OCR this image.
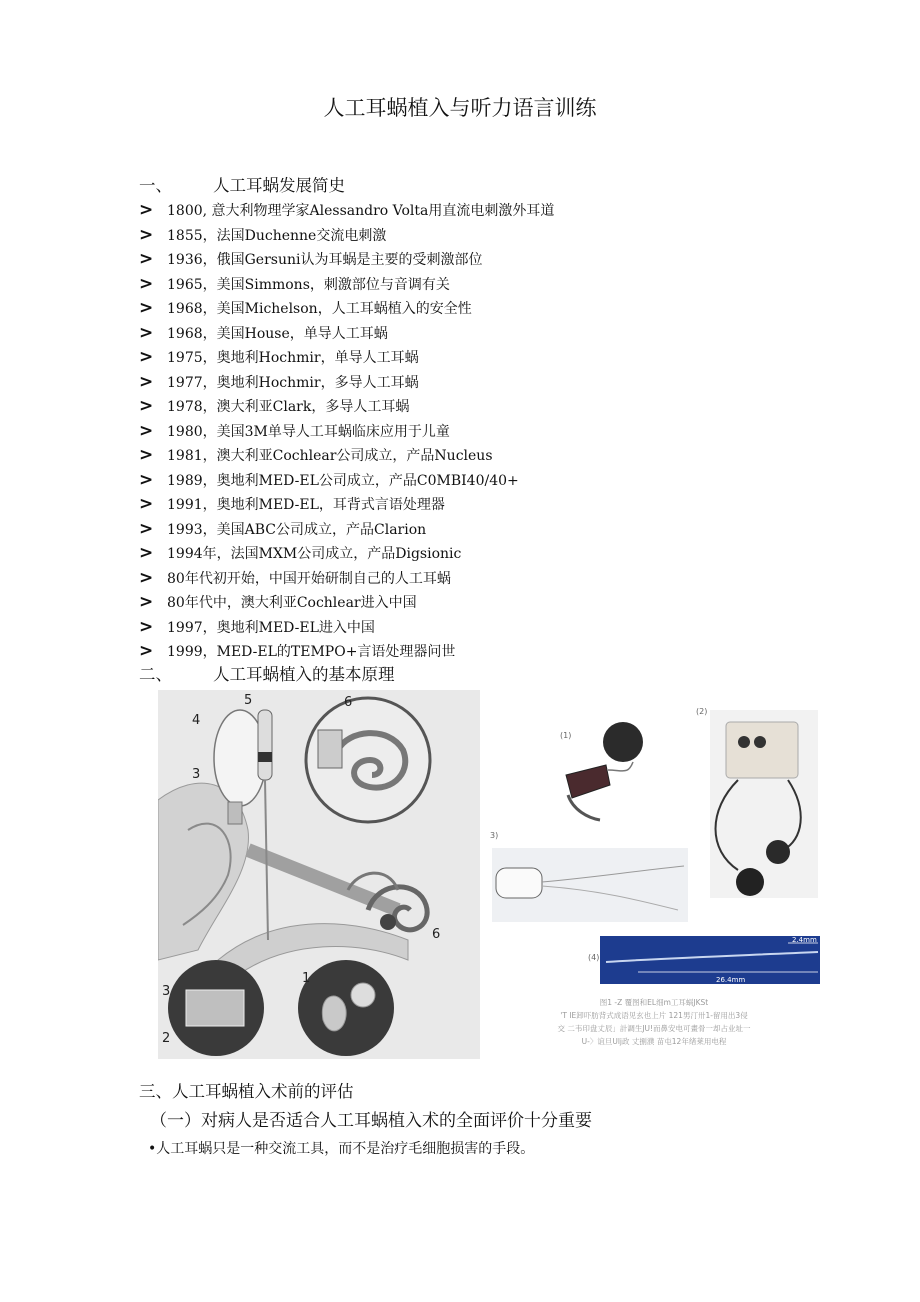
人工耳蜗植入与听力语言训练
一、 人工耳蜗发展简史
> 1800, 意大利物理学家Alessandro Volta用直流电刺激外耳道
> 1855，法国Duchenne交流电刺激
> 1936，俄国Gersuni认为耳蜗是主要的受刺激部位
> 1965，美国Simmons，刺激部位与音调有关
> 1968，美国Michelson，人工耳蜗植入的安全性
> 1968，美国House，单导人工耳蜗
> 1975，奥地利Hochmir，单导人工耳蜗
> 1977，奥地利Hochmir，多导人工耳蜗
> 1978，澳大利亚Clark，多导人工耳蜗
> 1980，美国3M单导人工耳蜗临床应用于儿童
> 1981，澳大利亚Cochlear公司成立，产品Nucleus
> 1989，奥地利MED-EL公司成立，产品C0MBI40/40+
> 1991，奥地利MED-EL，耳背式言语处理器
> 1993，美国ABC公司成立，产品Clarion
> 1994年，法国MXM公司成立，产品Digsionic
> 80年代初开始，中国开始研制自己的人工耳蜗
> 80年代中，澳大利亚Cochlear进入中国
> 1997，奥地利MED-EL进入中国
> 1999，MED-EL的TEMPO+言语处理器问世
二、 人工耳蜗植入的基本原理
5	6
4
3
6
3
2
1
(1)
(2)
3)
(4)
2.4mm
26.4mm
图1 -Z 覆图和EL细m工耳蜗JKSt
'T IE卸吓肪背式成语见玄也上片 121男汀卅1-留用出3侵
交 二韦印盘丈辰」計調生JU!而鼻安电可畫骨一却占业址一
U-〉谊旦Ulj政 丈捌濮 苗屯12年绪莱用电程
三、人工耳蜗植入术前的评估
（一）对病人是否适合人工耳蜗植入术的全面评价十分重要
•人工耳蜗只是一种交流工具，而不是治疗毛细胞损害的手段。
